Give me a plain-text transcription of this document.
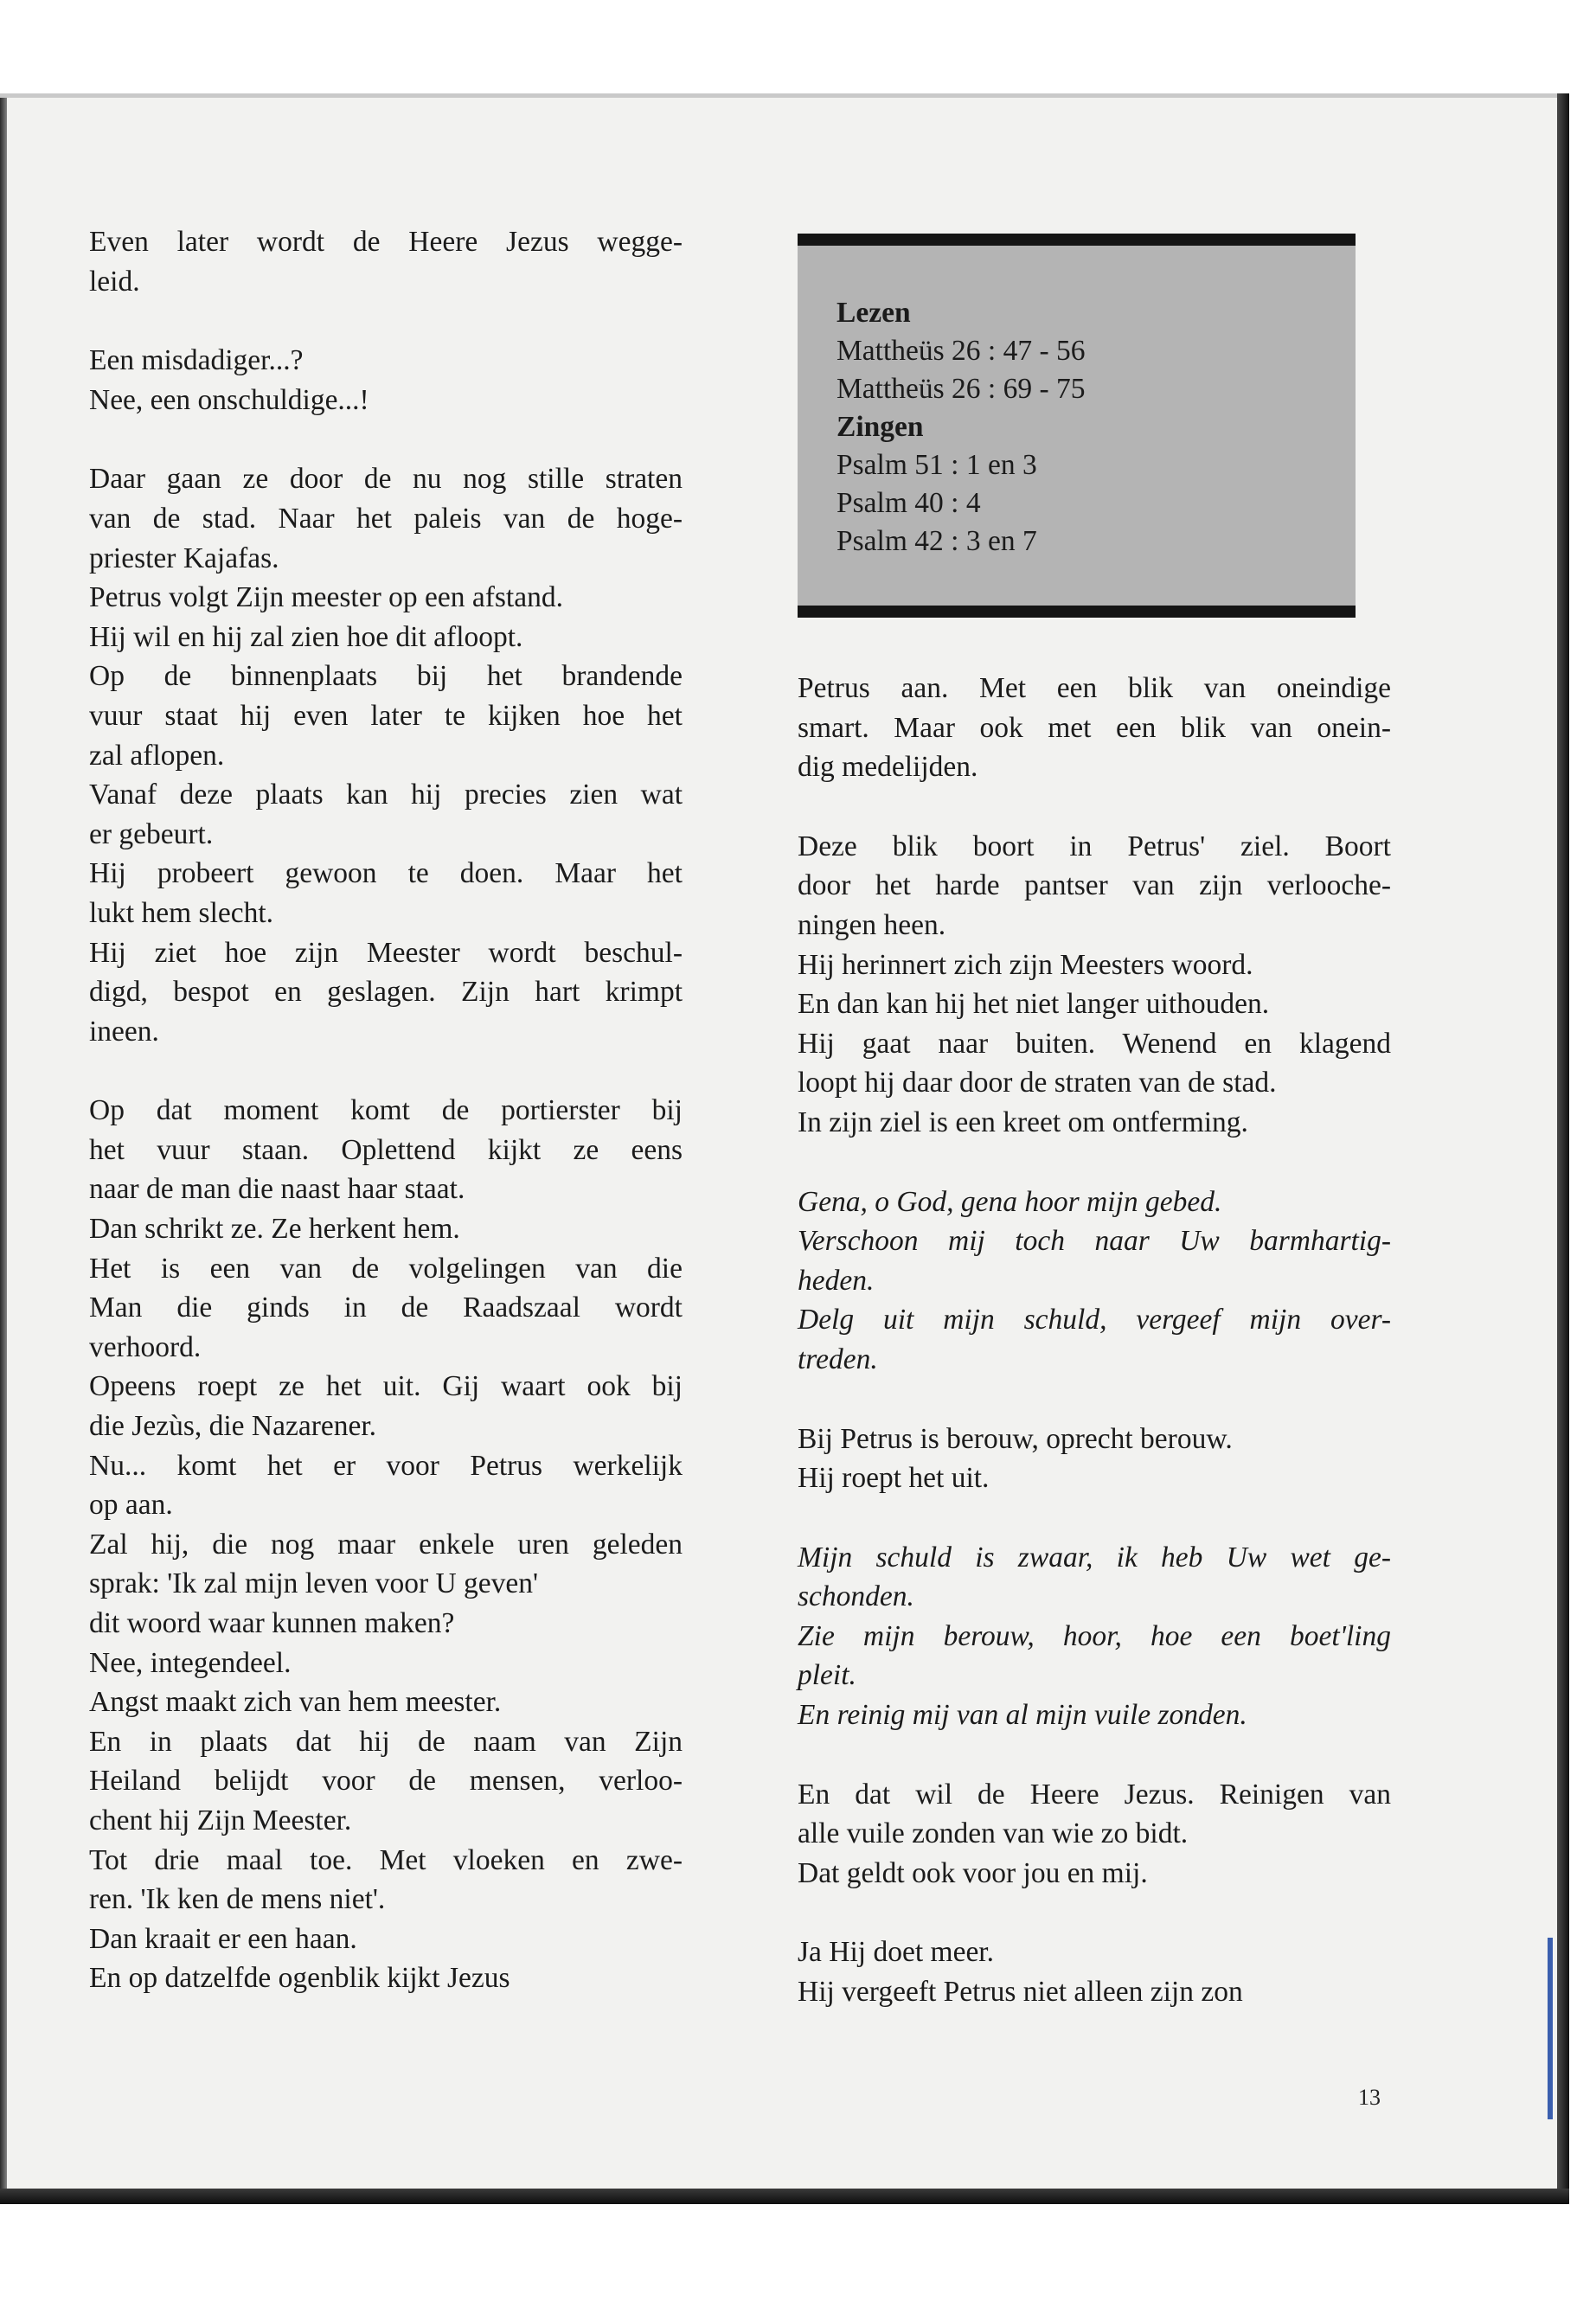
Lezen

Mattheüs 26 : 47 - 56

Mattheüs 26 : 69 - 75

Zingen

Psalm 51 : 1 en 3

Psalm 40 : 4

Psalm 42 : 3 en 7

Even later wordt de Heere Jezus wegge-

leid.

Een misdadiger...?

Nee, een onschuldige...!

Daar gaan ze door de nu nog stille straten

van de stad. Naar het paleis van de hoge-

priester Kajafas.

Petrus volgt Zijn meester op een afstand.

Hij wil en hij zal zien hoe dit afloopt.

Op de binnenplaats bij het brandende

vuur staat hij even later te kijken hoe het

zal aflopen.

Vanaf deze plaats kan hij precies zien wat

er gebeurt.

Hij probeert gewoon te doen. Maar het

lukt hem slecht.

Hij ziet hoe zijn Meester wordt beschul-

digd, bespot en geslagen. Zijn hart krimpt

ineen.

Op dat moment komt de portierster bij

het vuur staan. Oplettend kijkt ze eens

naar de man die naast haar staat.

Dan schrikt ze. Ze herkent hem.

Het is een van de volgelingen van die

Man die ginds in de Raadszaal wordt

verhoord.

Opeens roept ze het uit. Gij waart ook bij

die Jezùs, die Nazarener.

Nu... komt het er voor Petrus werkelijk

op aan.

Zal hij, die nog maar enkele uren geleden

sprak: 'Ik zal mijn leven voor U geven'

dit woord waar kunnen maken?

Nee, integendeel.

Angst maakt zich van hem meester.

En in plaats dat hij de naam van Zijn

Heiland belijdt voor de mensen, verloo-

chent hij Zijn Meester.

Tot drie maal toe. Met vloeken en zwe-

ren. 'Ik ken de mens niet'.

Dan kraait er een haan.

En op datzelfde ogenblik kijkt Jezus

Petrus aan. Met een blik van oneindige

smart. Maar ook met een blik van onein-

dig medelijden.

Deze blik boort in Petrus' ziel. Boort

door het harde pantser van zijn verlooche-

ningen heen.

Hij herinnert zich zijn Meesters woord.

En dan kan hij het niet langer uithouden.

Hij gaat naar buiten. Wenend en klagend

loopt hij daar door de straten van de stad.

In zijn ziel is een kreet om ontferming.

Gena, o God, gena hoor mijn gebed.

Verschoon mij toch naar Uw barmhartig-

heden.

Delg uit mijn schuld, vergeef mijn over-

treden.

Bij Petrus is berouw, oprecht berouw.

Hij roept het uit.

Mijn schuld is zwaar, ik heb Uw wet ge-

schonden.

Zie mijn berouw, hoor, hoe een boet'ling

pleit.

En reinig mij van al mijn vuile zonden.

En dat wil de Heere Jezus. Reinigen van

alle vuile zonden van wie zo bidt.

Dat geldt ook voor jou en mij.

Ja Hij doet meer.

Hij vergeeft Petrus niet alleen zijn zon

13
